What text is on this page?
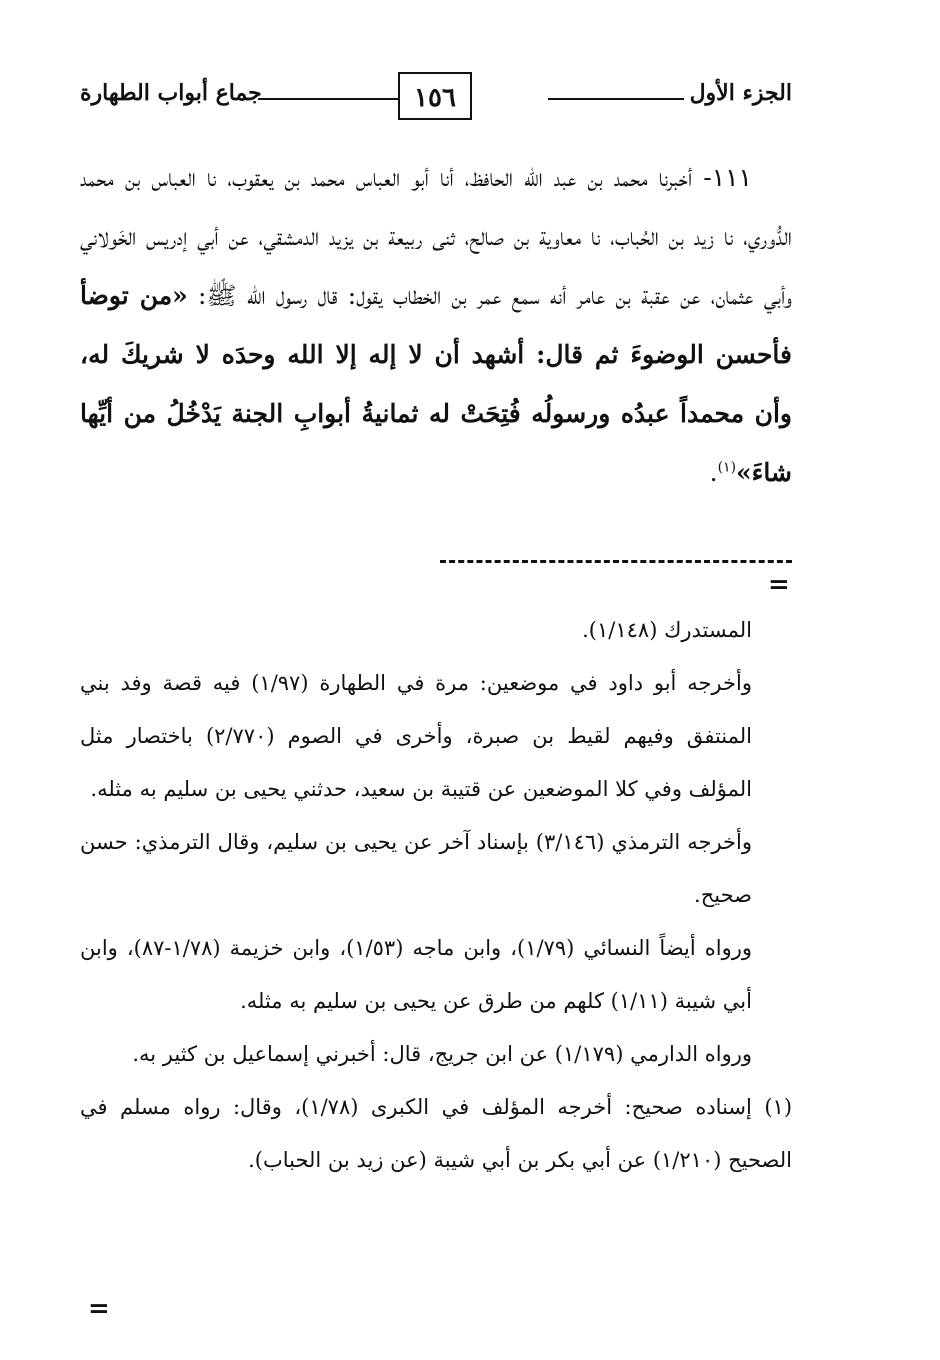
الجزء الأول
١٥٦
جماع أبواب الطهارة

١١١- أخبرنا محمد بن عبد الله الحافظ، أنا أبو العباس محمد بن يعقوب، نا العباس بن محمد الدُّوري، نا زيد بن الحُباب، نا معاوية بن صالح، ثنى ربيعة بن يزيد الدمشقي، عن أبي إدريس الخَولاني وأبي عثمان، عن عقبة بن عامر أنه سمع عمر بن الخطاب يقول: قال رسول الله ﷺ: «من توضأ فأحسن الوضوءَ ثم قال: أشهد أن لا إله إلا الله وحدَه لا شريكَ له، وأن محمداً عبدُه ورسولُه فُتِحَتْ له ثمانيةُ أبوابِ الجنة يَدْخُلُ من أيِّها شاءَ»$^{(١)}$.

=

المستدرك (١/١٤٨).

وأخرجه أبو داود في موضعين: مرة في الطهارة (١/٩٧) فيه قصة وفد بني المنتفق وفيهم لقيط بن صبرة، وأخرى في الصوم (٢/٧٧٠) باختصار مثل المؤلف وفي كلا الموضعين عن قتيبة بن سعيد، حدثني يحيى بن سليم به مثله.

وأخرجه الترمذي (٣/١٤٦) بإسناد آخر عن يحيى بن سليم، وقال الترمذي: حسن صحيح.

ورواه أيضاً النسائي (١/٧٩)، وابن ماجه (١/٥٣)، وابن خزيمة (١/٧٨-٨٧)، وابن أبي شيبة (١/١١) كلهم من طرق عن يحيى بن سليم به مثله.

ورواه الدارمي (١/١٧٩) عن ابن جريج، قال: أخبرني إسماعيل بن كثير به.

(١) إسناده صحيح: أخرجه المؤلف في الكبرى (١/٧٨)، وقال: رواه مسلم في الصحيح (١/٢١٠) عن أبي بكر بن أبي شيبة (عن زيد بن الحباب).

=
